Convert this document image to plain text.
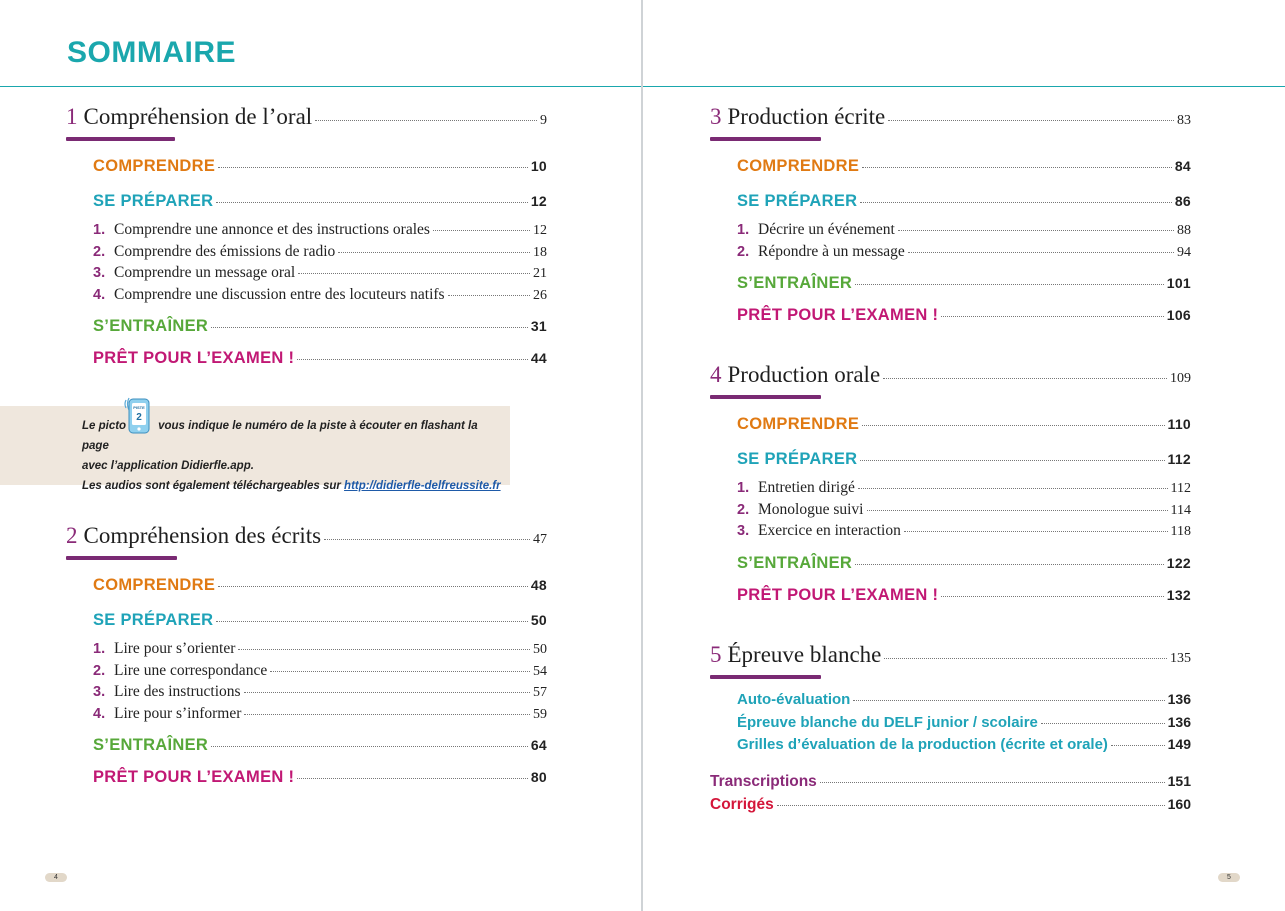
SOMMAIRE
1 Compréhension de l’oral	9
COMPRENDRE	10
SE PRÉPARER	12
1. Comprendre une annonce et des instructions orales	12
2. Comprendre des émissions de radio	18
3. Comprendre un message oral	21
4. Comprendre une discussion entre des locuteurs natifs	26
S’ENTRAÎNER	31
PRÊT POUR L’EXAMEN !	44
Le picto	vous indique le numéro de la piste à écouter en flashant la page
avec l’application Didierfle.app.
Les audios sont également téléchargeables sur http://didierfle-delfreussite.fr
PISTE
2
2 Compréhension des écrits	47
COMPRENDRE	48
SE PRÉPARER	50
1. Lire pour s’orienter	50
2. Lire une correspondance	54
3. Lire des instructions	57
4. Lire pour s’informer	59
S’ENTRAÎNER	64
PRÊT POUR L’EXAMEN !	80
4
3 Production écrite	83
COMPRENDRE	84
SE PRÉPARER	86
1. Décrire un événement	88
2. Répondre à un message	94
S’ENTRAÎNER	101
PRÊT POUR L’EXAMEN !	106
4 Production orale	109
COMPRENDRE	110
SE PRÉPARER	112
1. Entretien dirigé	112
2. Monologue suivi	114
3. Exercice en interaction	118
S’ENTRAÎNER	122
PRÊT POUR L’EXAMEN !	132
5 Épreuve blanche	135
Auto-évaluation	136
Épreuve blanche du DELF junior / scolaire	136
Grilles d’évaluation de la production (écrite et orale)	149
Transcriptions	151
Corrigés	160
5
